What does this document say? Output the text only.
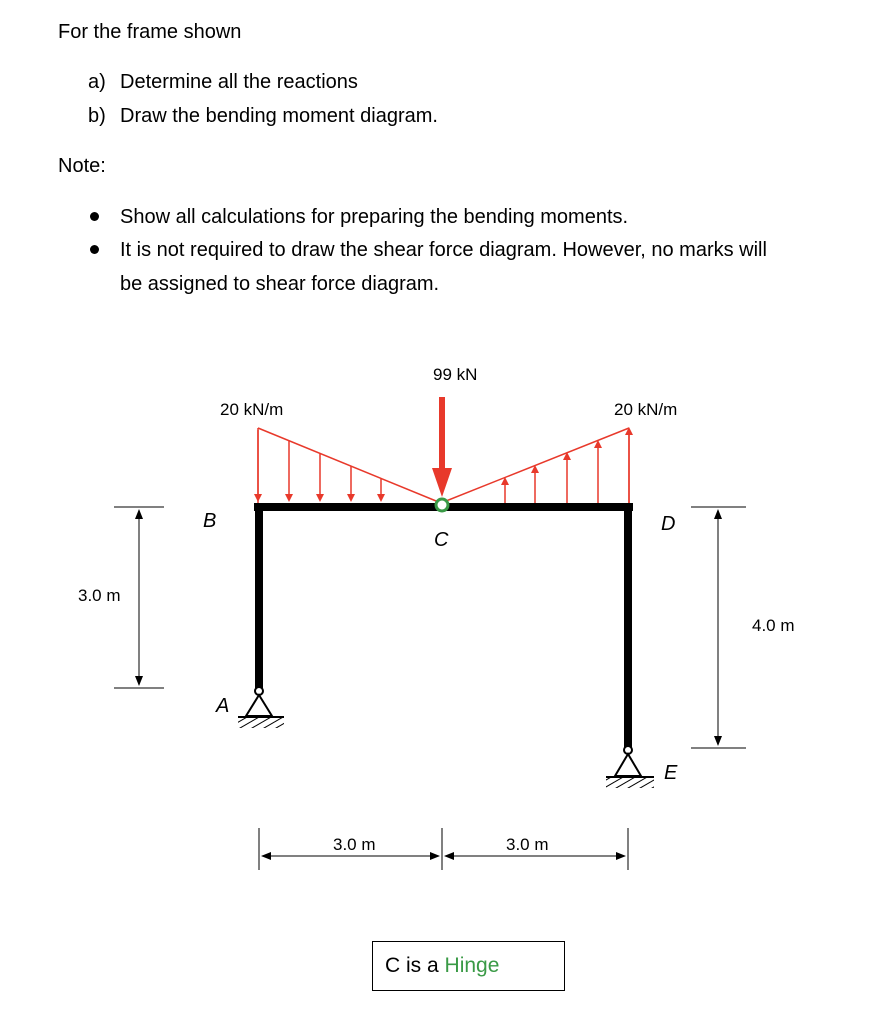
For the frame shown
a) Determine all the reactions
b) Draw the bending moment diagram.
Note:
Show all calculations for preparing the bending moments.
It is not required to draw the shear force diagram. However, no marks will
be assigned to shear force diagram.
99 kN
20 kN/m	20 kN/m
B
C
D
A
E
3.0 m
4.0 m
3.0 m	3.0 m
C is a Hinge
